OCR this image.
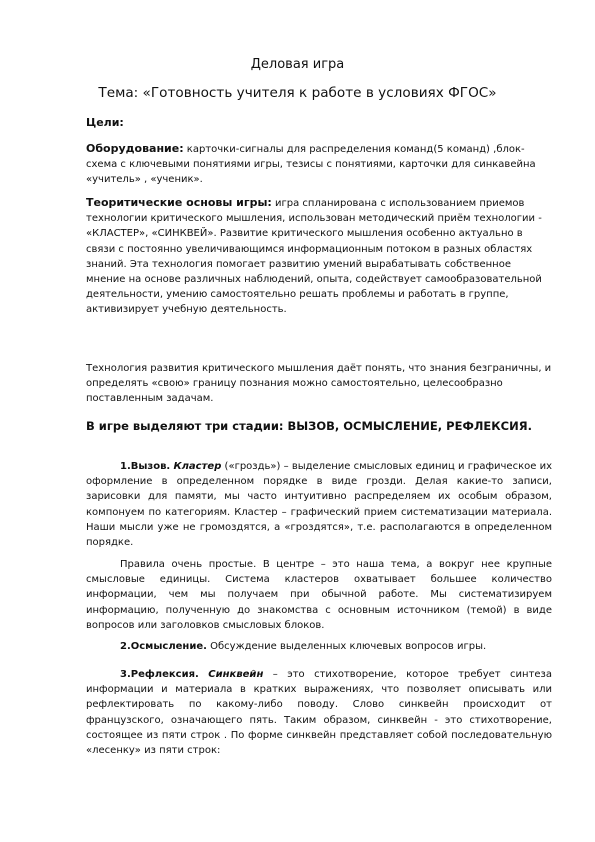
Деловая игра

Тема: «Готовность учителя к работе в условиях ФГОС»

Цели:

Оборудование: карточки-сигналы для распределения команд(5 команд) ,блок-схема с ключевыми понятиями игры, тезисы с понятиями, карточки для синкавейна «учитель» , «ученик».

Теоритические основы игры: игра спланирована с использованием приемов технологии критического мышления, использован методический приём технологии - «КЛАСТЕР», «СИНКВЕЙ». Развитие критического мышления особенно актуально в связи с постоянно увеличивающимся информационным потоком в разных областях знаний. Эта технология помогает развитию умений вырабатывать собственное мнение на основе различных наблюдений, опыта, содействует самообразовательной деятельности, умению самостоятельно решать проблемы и работать в группе, активизирует учебную деятельность.

Технология развития критического мышления даёт понять, что знания безграничны, и определять «свою» границу познания можно самостоятельно, целесообразно поставленным задачам.

В игре выделяют три стадии: ВЫЗОВ, ОСМЫСЛЕНИЕ, РЕФЛЕКСИЯ.

1.Вызов. Кластер («гроздь») – выделение смысловых единиц и графическое их оформление в определенном порядке в виде грозди. Делая какие-то записи, зарисовки для памяти, мы часто интуитивно распределяем их особым образом, компонуем по категориям. Кластер – графический прием систематизации материала. Наши мысли уже не громоздятся, а «гроздятся», т.е. располагаются в определенном порядке.

Правила очень простые. В центре – это наша тема, а вокруг нее крупные смысловые единицы. Система кластеров охватывает большее количество информации, чем мы получаем при обычной работе. Мы систематизируем информацию, полученную до знакомства с основным источником (темой) в виде вопросов или заголовков смысловых блоков.

2.Осмысление. Обсуждение выделенных ключевых вопросов игры.

3.Рефлексия. Синквейн – это стихотворение, которое требует синтеза информации и материала в кратких выражениях, что позволяет описывать или рефлектировать по какому-либо поводу. Слово синквейн происходит от французского, означающего пять. Таким образом, синквейн - это стихотворение, состоящее из пяти строк . По форме синквейн представляет собой последовательную «лесенку» из пяти строк:
